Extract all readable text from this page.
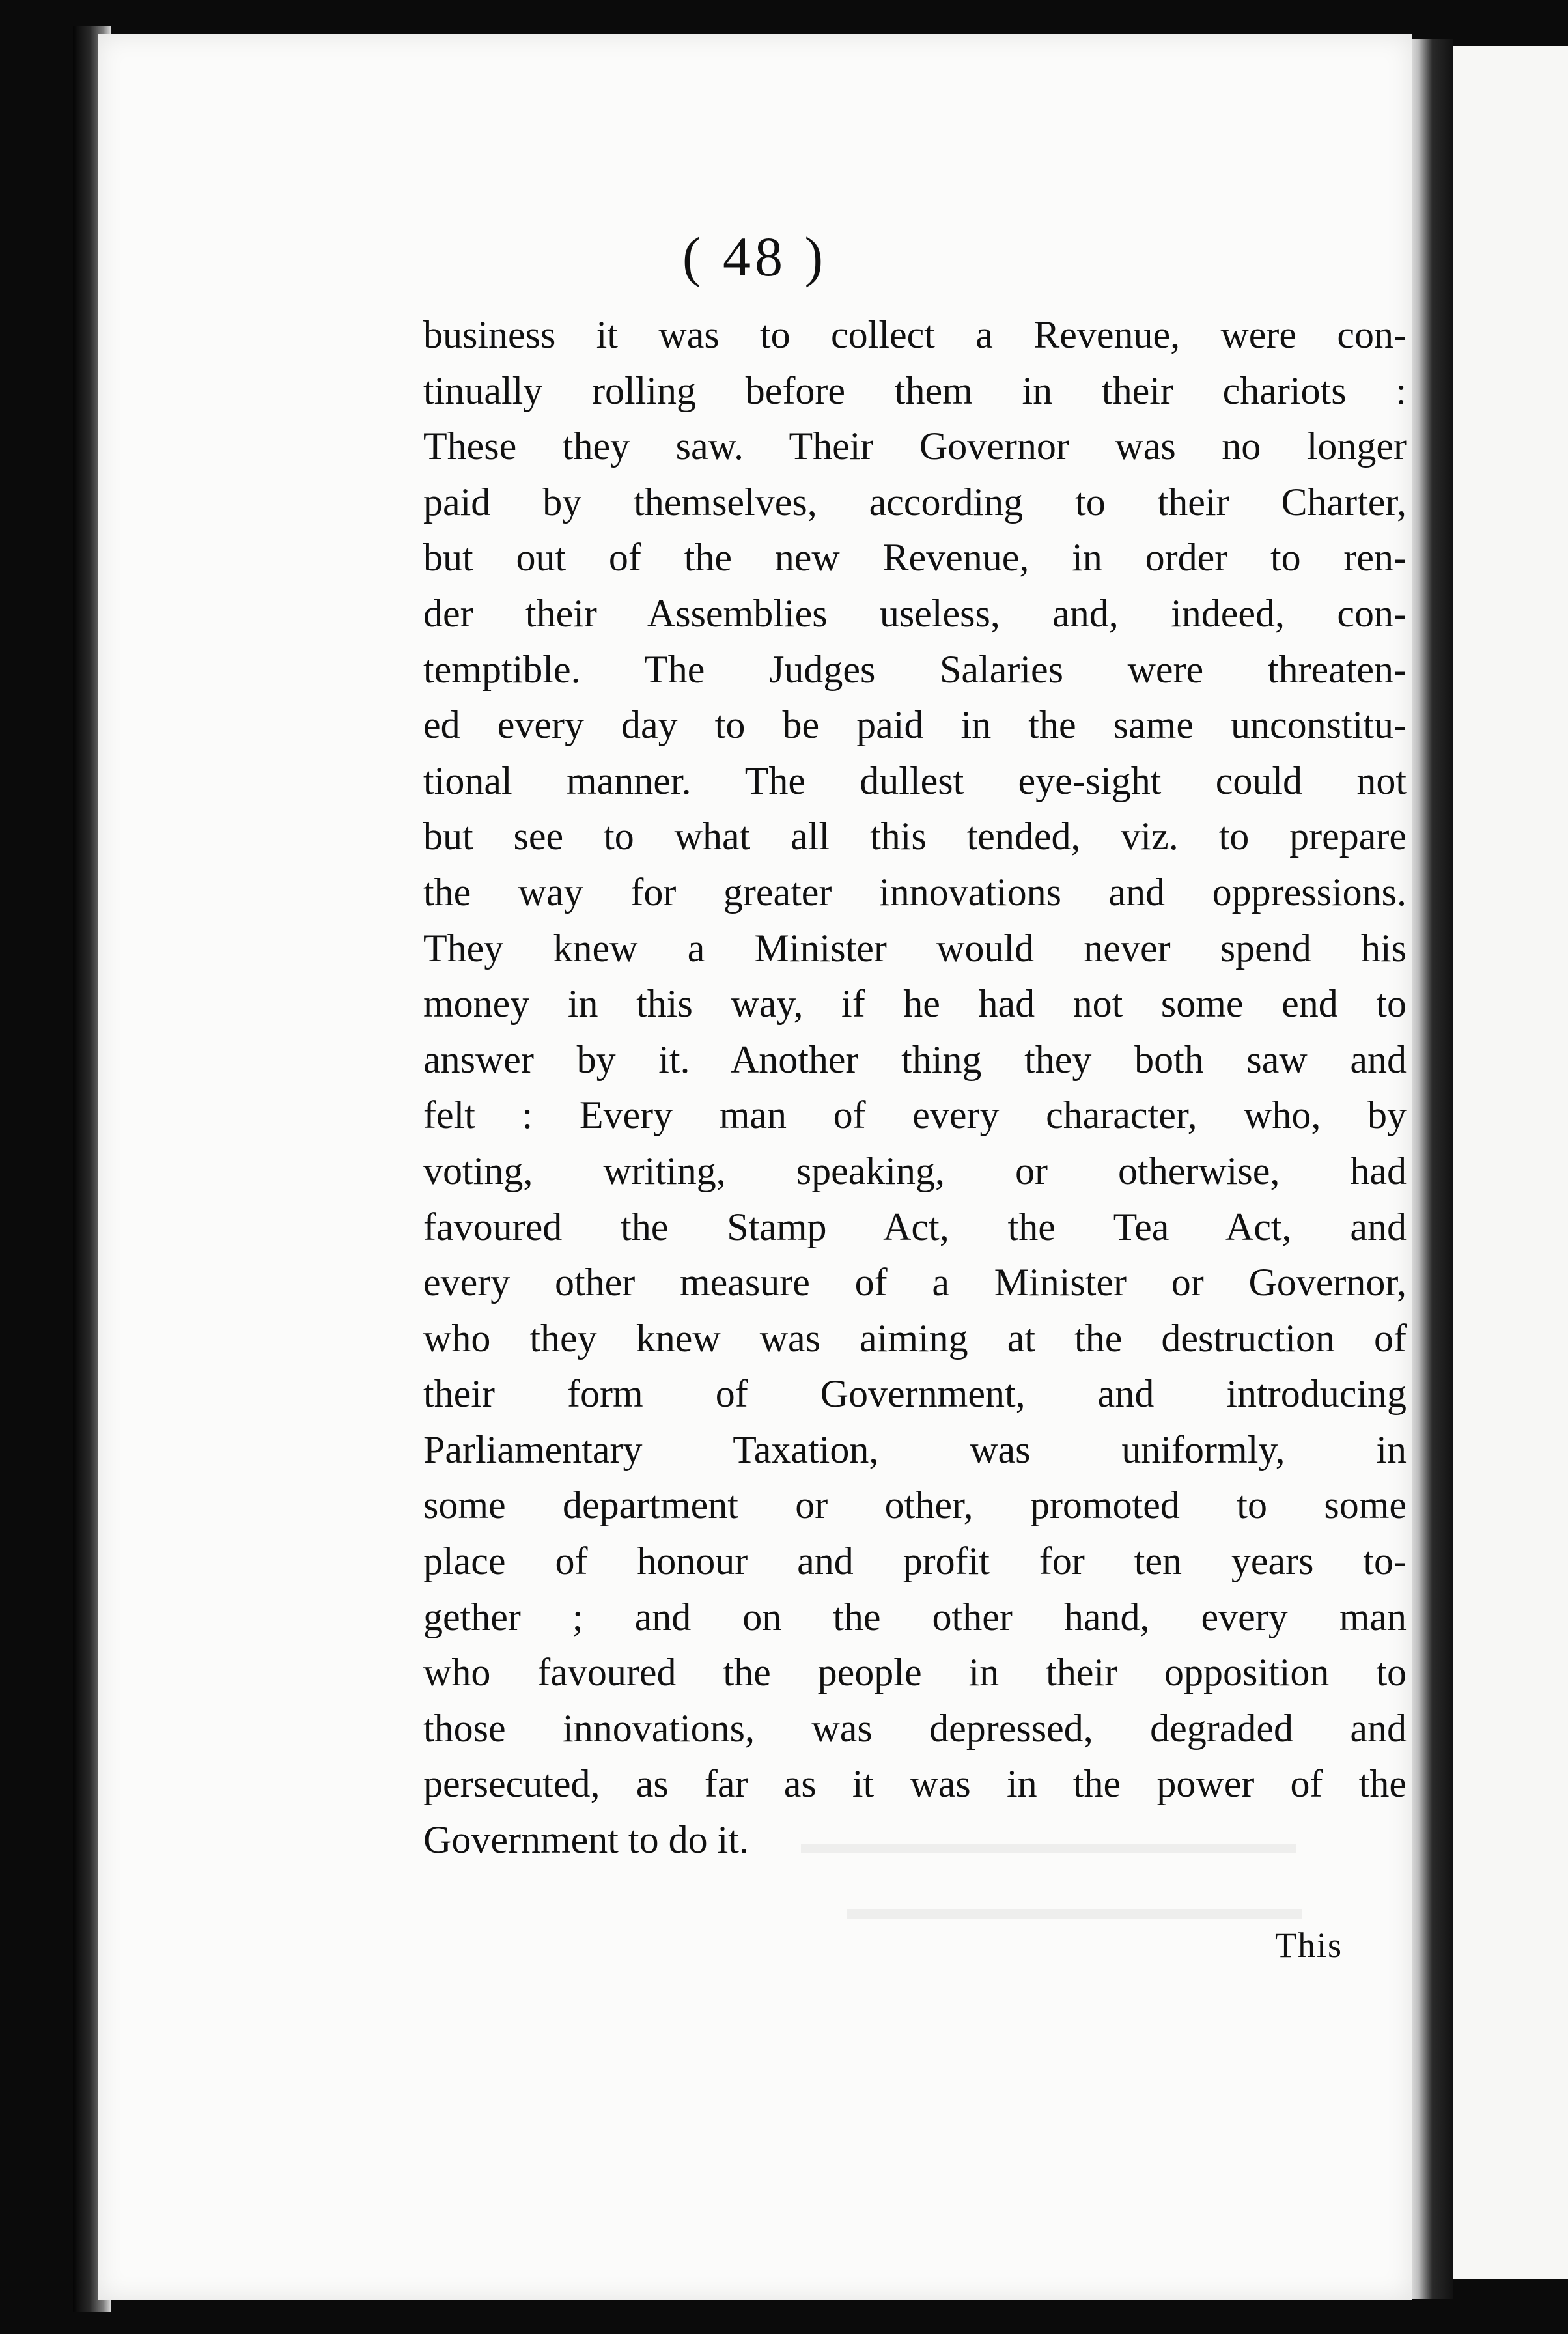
( 48 )
business it was to collect a Revenue, were con-
tinually rolling before them in their chariots :
These they saw. Their Governor was no longer
paid by themselves, according to their Charter,
but out of the new Revenue, in order to ren-
der their Assemblies useless, and, indeed, con-
temptible. The Judges Salaries were threaten-
ed every day to be paid in the same unconstitu-
tional manner. The dullest eye-sight could not
but see to what all this tended, viz. to prepare
the way for greater innovations and oppressions.
They knew a Minister would never spend his
money in this way, if he had not some end to
answer by it. Another thing they both saw and
felt : Every man of every character, who, by
voting, writing, speaking, or otherwise, had
favoured the Stamp Act, the Tea Act, and
every other measure of a Minister or Governor,
who they knew was aiming at the destruction of
their form of Government, and introducing
Parliamentary Taxation, was uniformly, in
some department or other, promoted to some
place of honour and profit for ten years to-
gether ; and on the other hand, every man
who favoured the people in their opposition to
those innovations, was depressed, degraded and
persecuted, as far as it was in the power of the
Government to do it.
This
